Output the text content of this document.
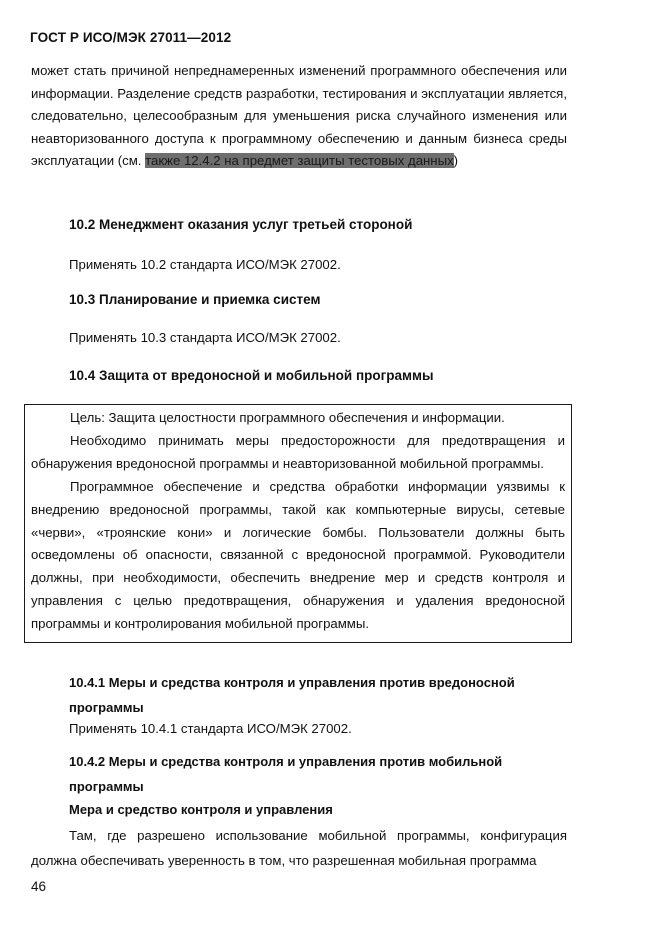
ГОСТ Р ИСО/МЭК 27011—2012
может стать причиной непреднамеренных изменений программного обеспечения или информации. Разделение средств разработки, тестирования и эксплуатации является, следовательно, целесообразным для уменьшения риска случайного изменения или неавторизованного доступа к программному обеспечению и данным бизнеса среды эксплуатации (см. также 12.4.2 на предмет защиты тестовых данных)
10.2 Менеджмент оказания услуг третьей стороной
Применять 10.2 стандарта ИСО/МЭК 27002.
10.3 Планирование и приемка систем
Применять 10.3 стандарта ИСО/МЭК 27002.
10.4 Защита от вредоносной и мобильной программы

Цель: Защита целостности программного обеспечения и информации.

Необходимо принимать меры предосторожности для предотвращения и обнаружения вредоносной программы и неавторизованной мобильной программы.

Программное обеспечение и средства обработки информации уязвимы к внедрению вредоносной программы, такой как компьютерные вирусы, сетевые «черви», «троянские кони» и логические бомбы. Пользователи должны быть осведомлены об опасности, связанной с вредоносной программой. Руководители должны, при необходимости, обеспечить внедрение мер и средств контроля и управления с целью предотвращения, обнаружения и удаления вредоносной программы и контролирования мобильной программы.

10.4.1 Меры и средства контроля и управления против вредоносной программы
Применять 10.4.1 стандарта ИСО/МЭК 27002.
10.4.2 Меры и средства контроля и управления против мобильной программы
Мера и средство контроля и управления
Там, где разрешено использование мобильной программы, конфигурация должна обеспечивать уверенность в том, что разрешенная мобильная программа
46
